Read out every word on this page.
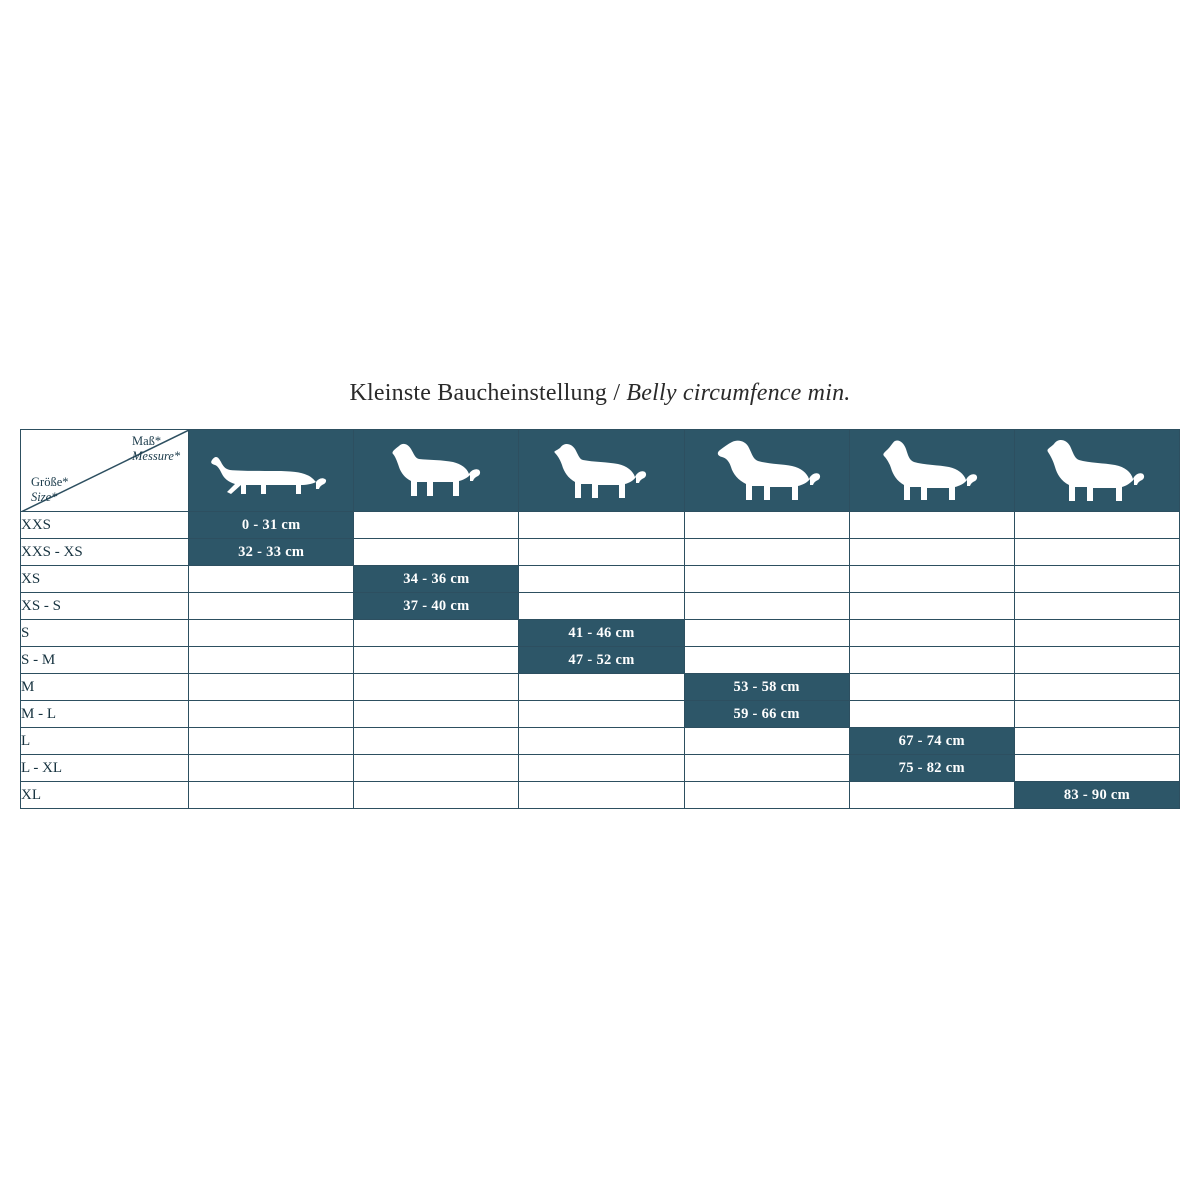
Kleinste Baucheinstellung / Belly circumfence min.
Maß*
Messure*
Größe*
Size*

XXS	0 - 31 cm					
XXS - XS	32 - 33 cm					
XS		34 - 36 cm				
XS - S		37 - 40 cm				
S			41 - 46 cm			
S - M			47 - 52 cm			
M				53 - 58 cm		
M - L				59 - 66 cm		
L					67 - 74 cm	
L - XL					75 - 82 cm	
XL						83 - 90 cm
